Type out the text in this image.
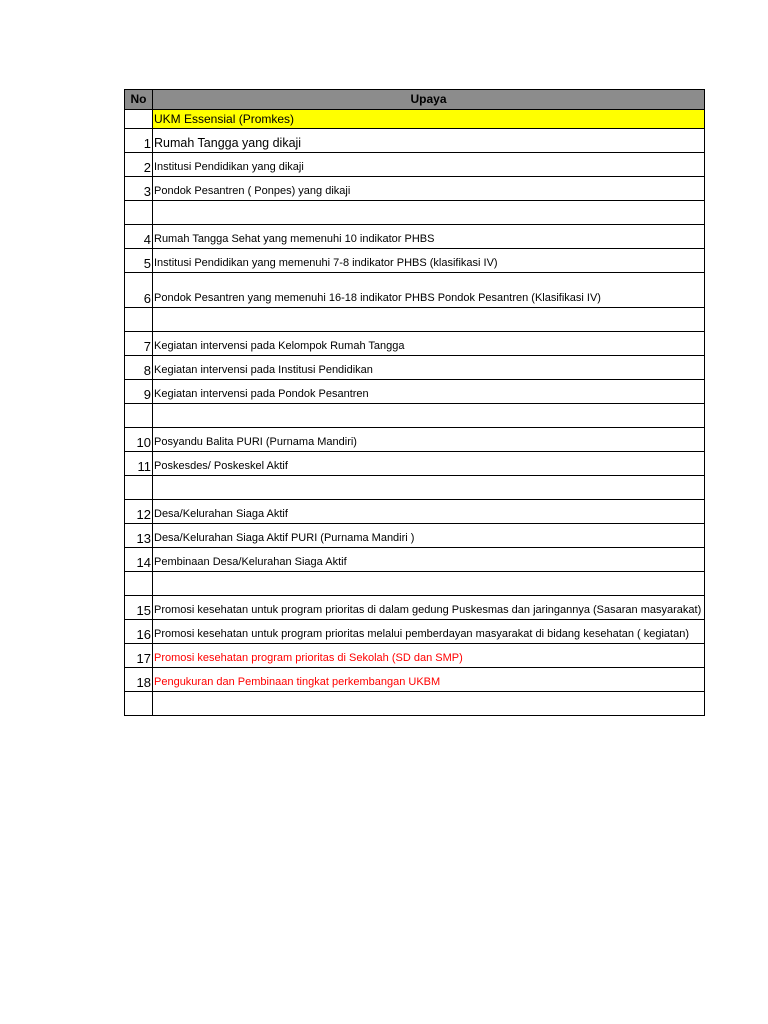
No	Upaya
	UKM Essensial (Promkes)
1	Rumah Tangga yang dikaji
2	Institusi Pendidikan yang dikaji
3	Pondok Pesantren ( Ponpes) yang dikaji

4	Rumah Tangga Sehat yang memenuhi 10 indikator PHBS
5	Institusi Pendidikan yang memenuhi 7-8 indikator PHBS (klasifikasi IV)
6	Pondok Pesantren yang memenuhi 16-18 indikator PHBS Pondok Pesantren (Klasifikasi IV)

7	Kegiatan intervensi pada Kelompok Rumah Tangga
8	Kegiatan intervensi pada Institusi Pendidikan
9	Kegiatan intervensi pada Pondok Pesantren

10	Posyandu Balita PURI (Purnama Mandiri)
11	Poskesdes/ Poskeskel Aktif

12	Desa/Kelurahan Siaga Aktif
13	Desa/Kelurahan Siaga Aktif PURI (Purnama Mandiri )
14	Pembinaan Desa/Kelurahan Siaga Aktif

15	Promosi kesehatan untuk program prioritas di dalam gedung Puskesmas dan jaringannya (Sasaran masyarakat)
16	Promosi kesehatan untuk program prioritas melalui pemberdayan masyarakat di bidang kesehatan ( kegiatan)
17	Promosi kesehatan program prioritas di Sekolah (SD dan SMP)
18	Pengukuran dan Pembinaan tingkat perkembangan UKBM
